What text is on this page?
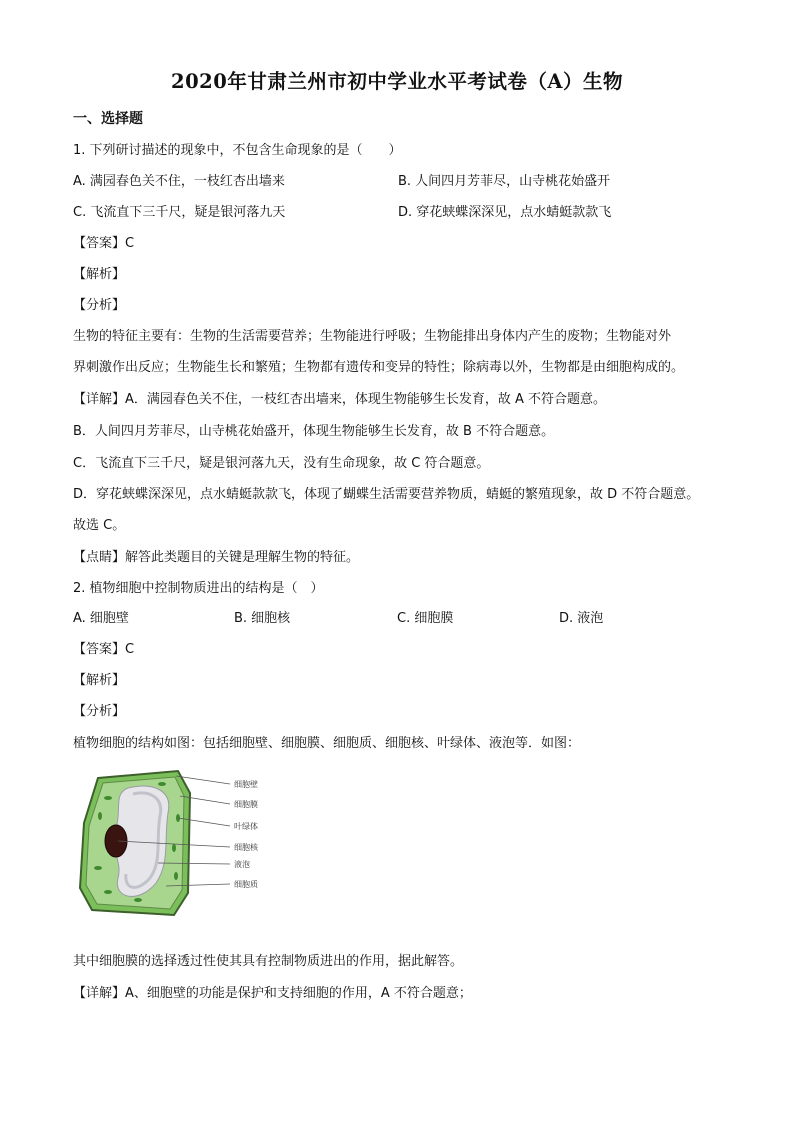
2020年甘肃兰州市初中学业水平考试卷（A）生物
一、选择题
1. 下列研讨描述的现象中，不包含生命现象的是（　　）
A. 满园春色关不住，一枝红杏出墙来	B. 人间四月芳菲尽，山寺桃花始盛开
C. 飞流直下三千尺，疑是银河落九天	D. 穿花蛱蝶深深见，点水蜻蜓款款飞
【答案】C
【解析】
【分析】
生物的特征主要有：生物的生活需要营养；生物能进行呼吸；生物能排出身体内产生的废物；生物能对外
界刺激作出反应；生物能生长和繁殖；生物都有遗传和变异的特性；除病毒以外，生物都是由细胞构成的。
【详解】A．满园春色关不住，一枝红杏出墙来，体现生物能够生长发育，故 A 不符合题意。
B．人间四月芳菲尽，山寺桃花始盛开，体现生物能够生长发育，故 B 不符合题意。
C．飞流直下三千尺，疑是银河落九天，没有生命现象，故 C 符合题意。
D．穿花蛱蝶深深见，点水蜻蜓款款飞，体现了蝴蝶生活需要营养物质，蜻蜓的繁殖现象，故 D 不符合题意。
故选 C。
【点睛】解答此类题目的关键是理解生物的特征。
2. 植物细胞中控制物质进出的结构是（　）
A. 细胞壁	B. 细胞核	C. 细胞膜	D. 液泡
【答案】C
【解析】
【分析】
植物细胞的结构如图：包括细胞壁、细胞膜、细胞质、细胞核、叶绿体、液泡等．如图：
细胞壁
细胞膜
叶绿体
细胞核
液泡
细胞质
其中细胞膜的选择透过性使其具有控制物质进出的作用，据此解答。
【详解】A、细胞壁的功能是保护和支持细胞的作用，A 不符合题意；
